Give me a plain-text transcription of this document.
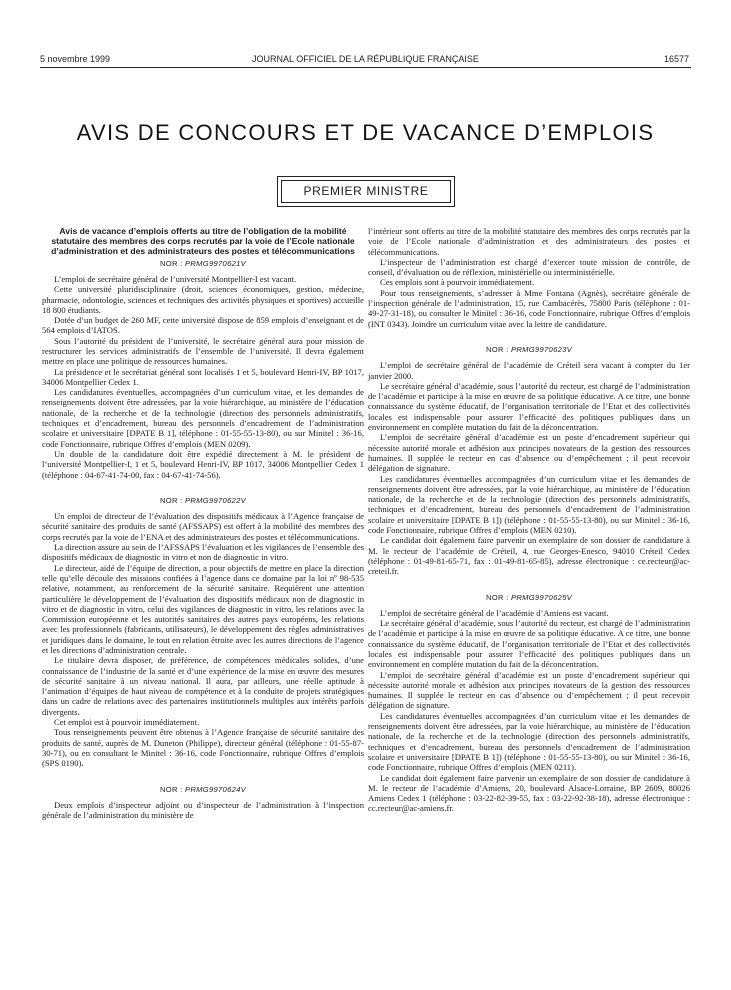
5 novembre 1999	JOURNAL OFFICIEL DE LA RÉPUBLIQUE FRANÇAISE	16577
AVIS DE CONCOURS ET DE VACANCE D’EMPLOIS
PREMIER MINISTRE
Avis de vacance d’emplois offerts au titre de l’obligation de la mobilité statutaire des membres des corps recrutés par la voie de l’Ecole nationale d’administration et des administrateurs des postes et télécommunications
NOR : PRMG9970621V

L’emploi de secrétaire général de l’université Montpellier-I est vacant.

Cette université pluridisciplinaire (droit, sciences économiques, gestion, médecine, pharmacie, odontologie, sciences et techniques des activités physiques et sportives) accueille 18 800 étudiants.

Dotée d’un budget de 260 MF, cette université dispose de 859 emplois d’enseignant et de 564 emplois d’IATOS.

Sous l’autorité du président de l’université, le secrétaire général aura pour mission de restructurer les services administratifs de l’ensemble de l’université. Il devra également mettre en place une politique de ressources humaines.

La présidence et le secrétariat général sont localisés 1 et 5, boulevard Henri-IV, BP 1017, 34006 Montpellier Cedex 1.

Les candidatures éventuelles, accompagnées d’un curriculum vitae, et les demandes de renseignements doivent être adressées, par la voie hiérarchique, au ministère de l’éducation nationale, de la recherche et de la technologie (direction des personnels administratifs, techniques et d’encadrement, bureau des personnels d’encadrement de l’administration scolaire et universitaire [DPATE B 1], téléphone : 01-55-55-13-80), ou sur Minitel : 36-16, code Fonctionnaire, rubrique Offres d’emplois (MEN 0209).

Un double de la candidature doit être expédié directement à M. le président de l’université Montpellier-I, 1 et 5, boulevard Henri-IV, BP 1017, 34006 Montpellier Cedex 1 (téléphone : 04-67-41-74-00, fax : 04-67-41-74-56).

NOR : PRMG9970622V

Un emploi de directeur de l’évaluation des dispositifs médicaux à l’Agence française de sécurité sanitaire des produits de santé (AFSSAPS) est offert à la mobilité des membres des corps recrutés par la voie de l’ENA et des administrateurs des postes et télécommunications.

La direction assure au sein de l’AFSSAPS l’évaluation et les vigilances de l’ensemble des dispositifs médicaux de diagnostic in vitro et non de diagnostic in vitro.

Le directeur, aidé de l’équipe de direction, a pour objectifs de mettre en place la direction telle qu’elle découle des missions confiées à l’agence dans ce domaine par la loi nº 98-535 relative, notamment, au renforcement de la sécurité sanitaire. Requièrent une attention particulière le développement de l’évaluation des dispositifs médicaux non de diagnostic in vitro et de diagnostic in vitro, celui des vigilances de diagnostic in vitro, les relations avec la Commission européenne et les autorités sanitaires des autres pays européens, les relations avec les professionnels (fabricants, utilisateurs), le développement des règles administratives et juridiques dans le domaine, le tout en relation étroite avec les autres directions de l’agence et les directions d’administration centrale.

Le titulaire devra disposer, de préférence, de compétences médicales solides, d’une connaissance de l’industrie de la santé et d’une expérience de la mise en œuvre des mesures de sécurité sanitaire à un niveau national. Il aura, par ailleurs, une réelle aptitude à l’animation d’équipes de haut niveau de compétence et à la conduite de projets stratégiques dans un cadre de relations avec des partenaires institutionnels multiples aux intérêts parfois divergents.

Cet emploi est à pourvoir immédiatement.

Tous renseignements peuvent être obtenus à l’Agence française de sécurité sanitaire des produits de santé, auprès de M. Duneton (Philippe), directeur général (téléphone : 01-55-87-30-71), ou en consultant le Minitel : 36-16, code Fonctionnaire, rubrique Offres d’emplois (SPS 0190).

NOR : PRMG9970624V

Deux emplois d’inspecteur adjoint ou d’inspecteur de l’administration à l’inspection générale de l’administration du ministère de

l’intérieur sont offerts au titre de la mobilité statutaire des membres des corps recrutés par la voie de l’Ecole nationale d’administration et des administrateurs des postes et télécommunications.

L’inspecteur de l’administration est chargé d’exercer toute mission de contrôle, de conseil, d’évaluation ou de réflexion, ministérielle ou interministérielle.

Ces emplois sont à pourvoir immédiatement.

Pour tous renseignements, s’adresser à Mme Fontana (Agnès), secrétaire générale de l’inspection générale de l’administration, 15, rue Cambacérès, 75800 Paris (téléphone : 01-49-27-31-18), ou consulter le Minitel : 36-16, code Fonctionnaire, rubrique Offres d’emplois (INT 0343). Joindre un curriculum vitae avec la lettre de candidature.

NOR : PRMG9970623V

L’emploi de secrétaire général de l’académie de Créteil sera vacant à compter du 1er janvier 2000.

Le secrétaire général d’académie, sous l’autorité du recteur, est chargé de l’administration de l’académie et participe à la mise en œuvre de sa politique éducative. A ce titre, une bonne connaissance du système éducatif, de l’organisation territoriale de l’Etat et des collectivités locales est indispensable pour assurer l’efficacité des politiques publiques dans un environnement en complète mutation du fait de la déconcentration.

L’emploi de secrétaire général d’académie est un poste d’encadrement supérieur qui nécessite autorité morale et adhésion aux principes novateurs de la gestion des ressources humaines. Il supplée le recteur en cas d’absence ou d’empêchement ; il peut recevoir délégation de signature.

Les candidatures éventuelles accompagnées d’un curriculum vitae et les demandes de renseignements doivent être adressées, par la voie hiérarchique, au ministère de l’éducation nationale, de la recherche et de la technologie (direction des personnels administratifs, techniques et d’encadrement, bureau des personnels d’encadrement de l’administration scolaire et universitaire [DPATE B 1]) (téléphone : 01-55-55-13-80), ou sur Minitel : 36-16, code Fonctionnaire, rubrique Offres d’emplois (MEN 0210).

Le candidat doit également faire parvenir un exemplaire de son dossier de candidature à M. le recteur de l’académie de Créteil, 4, rue Georges-Enesco, 94010 Créteil Cedex (téléphone : 01-49-81-65-71, fax : 01-49-81-65-85), adresse électronique : ce.recteur@ac-creteil.fr.

NOR : PRMG9970625V

L’emploi de secrétaire général de l’académie d’Amiens est vacant.

Le secrétaire général d’académie, sous l’autorité du recteur, est chargé de l’administration de l’académie et participe à la mise en œuvre de sa politique éducative. A ce titre, une bonne connaissance du système éducatif, de l’organisation territoriale de l’Etat et des collectivités locales est indispensable pour assurer l’efficacité des politiques publiques dans un environnement en complète mutation du fait de la déconcentration.

L’emploi de secrétaire général d’académie est un poste d’encadrement supérieur qui nécessite autorité morale et adhésion aux principes novateurs de la gestion des ressources humaines. Il supplée le recteur en cas d’absence ou d’empêchement ; il peut recevoir délégation de signature.

Les candidatures éventuelles accompagnées d’un curriculum vitae et les demandes de renseignements doivent être adressées, par la voie hiérarchique, au ministère de l’éducation nationale, de la recherche et de la technologie (direction des personnels administratifs, techniques et d’encadrement, bureau des personnels d’encadrement de l’administration scolaire et universitaire [DPATE B 1]) (téléphone : 01-55-55-13-80), ou sur Minitel : 36-16, code Fonctionnaire, rubrique Offres d’emplois (MEN 0211).

Le candidat doit également faire parvenir un exemplaire de son dossier de candidature à M. le recteur de l’académie d’Amiens, 20, boulevard Alsace-Lorraine, BP 2609, 80026 Amiens Cedex 1 (téléphone : 03-22-82-39-55, fax : 03-22-92-38-18), adresse électronique : cc.recteur@ac-amiens.fr.
